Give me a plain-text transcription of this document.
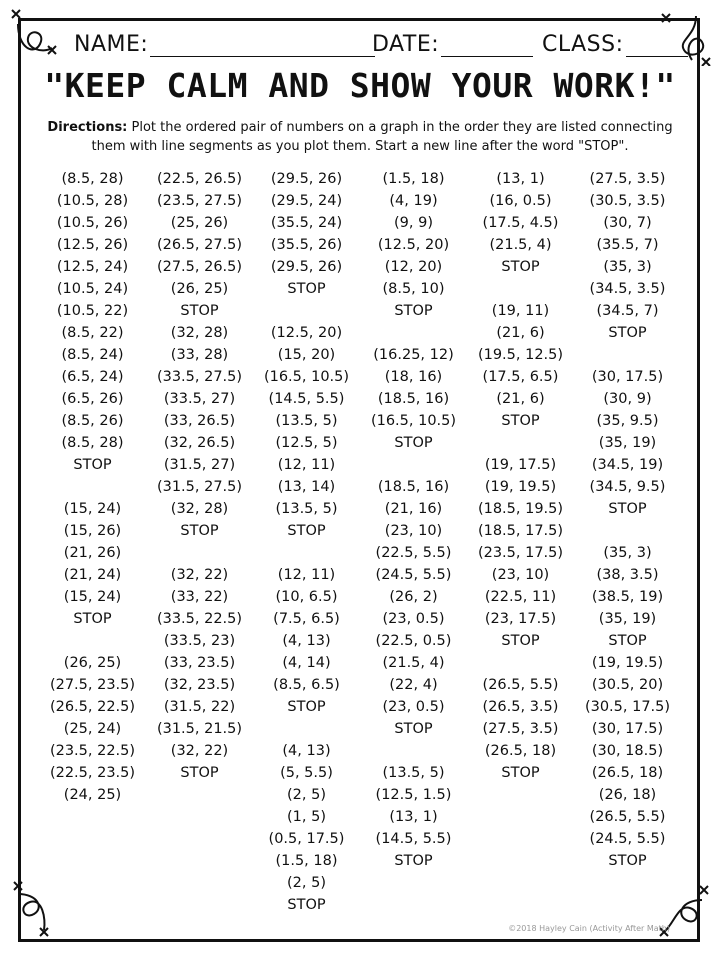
NAME:	DATE:	CLASS:
"KEEP CALM AND SHOW YOUR WORK!"
Directions: Plot the ordered pair of numbers on a graph in the order they are listed connecting them with line segments as you plot them. Start a new line after the word "STOP".
(8.5, 28)
(10.5, 28)
(10.5, 26)
(12.5, 26)
(12.5, 24)
(10.5, 24)
(10.5, 22)
(8.5, 22)
(8.5, 24)
(6.5, 24)
(6.5, 26)
(8.5, 26)
(8.5, 28)
STOP
(15, 24)
(15, 26)
(21, 26)
(21, 24)
(15, 24)
STOP
(26, 25)
(27.5, 23.5)
(26.5, 22.5)
(25, 24)
(23.5, 22.5)
(22.5, 23.5)
(24, 25)
(22.5, 26.5)
(23.5, 27.5)
(25, 26)
(26.5, 27.5)
(27.5, 26.5)
(26, 25)
STOP
(32, 28)
(33, 28)
(33.5, 27.5)
(33.5, 27)
(33, 26.5)
(32, 26.5)
(31.5, 27)
(31.5, 27.5)
(32, 28)
STOP
(32, 22)
(33, 22)
(33.5, 22.5)
(33.5, 23)
(33, 23.5)
(32, 23.5)
(31.5, 22)
(31.5, 21.5)
(32, 22)
STOP
(29.5, 26)
(29.5, 24)
(35.5, 24)
(35.5, 26)
(29.5, 26)
STOP
(12.5, 20)
(15, 20)
(16.5, 10.5)
(14.5, 5.5)
(13.5, 5)
(12.5, 5)
(12, 11)
(13, 14)
(13.5, 5)
STOP
(12, 11)
(10, 6.5)
(7.5, 6.5)
(4, 13)
(4, 14)
(8.5, 6.5)
STOP
(4, 13)
(5, 5.5)
(2, 5)
(1, 5)
(0.5, 17.5)
(1.5, 18)
(2, 5)
STOP
(1.5, 18)
(4, 19)
(9, 9)
(12.5, 20)
(12, 20)
(8.5, 10)
STOP
(16.25, 12)
(18, 16)
(18.5, 16)
(16.5, 10.5)
STOP
(18.5, 16)
(21, 16)
(23, 10)
(22.5, 5.5)
(24.5, 5.5)
(26, 2)
(23, 0.5)
(22.5, 0.5)
(21.5, 4)
(22, 4)
(23, 0.5)
STOP
(13.5, 5)
(12.5, 1.5)
(13, 1)
(14.5, 5.5)
STOP
(13, 1)
(16, 0.5)
(17.5, 4.5)
(21.5, 4)
STOP
(19, 11)
(21, 6)
(19.5, 12.5)
(17.5, 6.5)
(21, 6)
STOP
(19, 17.5)
(19, 19.5)
(18.5, 19.5)
(18.5, 17.5)
(23.5, 17.5)
(23, 10)
(22.5, 11)
(23, 17.5)
STOP
(26.5, 5.5)
(26.5, 3.5)
(27.5, 3.5)
(26.5, 18)
STOP
(27.5, 3.5)
(30.5, 3.5)
(30, 7)
(35.5, 7)
(35, 3)
(34.5, 3.5)
(34.5, 7)
STOP
(30, 17.5)
(30, 9)
(35, 9.5)
(35, 19)
(34.5, 19)
(34.5, 9.5)
STOP
(35, 3)
(38, 3.5)
(38.5, 19)
(35, 19)
STOP
(19, 19.5)
(30.5, 20)
(30.5, 17.5)
(30, 17.5)
(30, 18.5)
(26.5, 18)
(26, 18)
(26.5, 5.5)
(24.5, 5.5)
STOP
©2018 Hayley Cain (Activity After Math)
